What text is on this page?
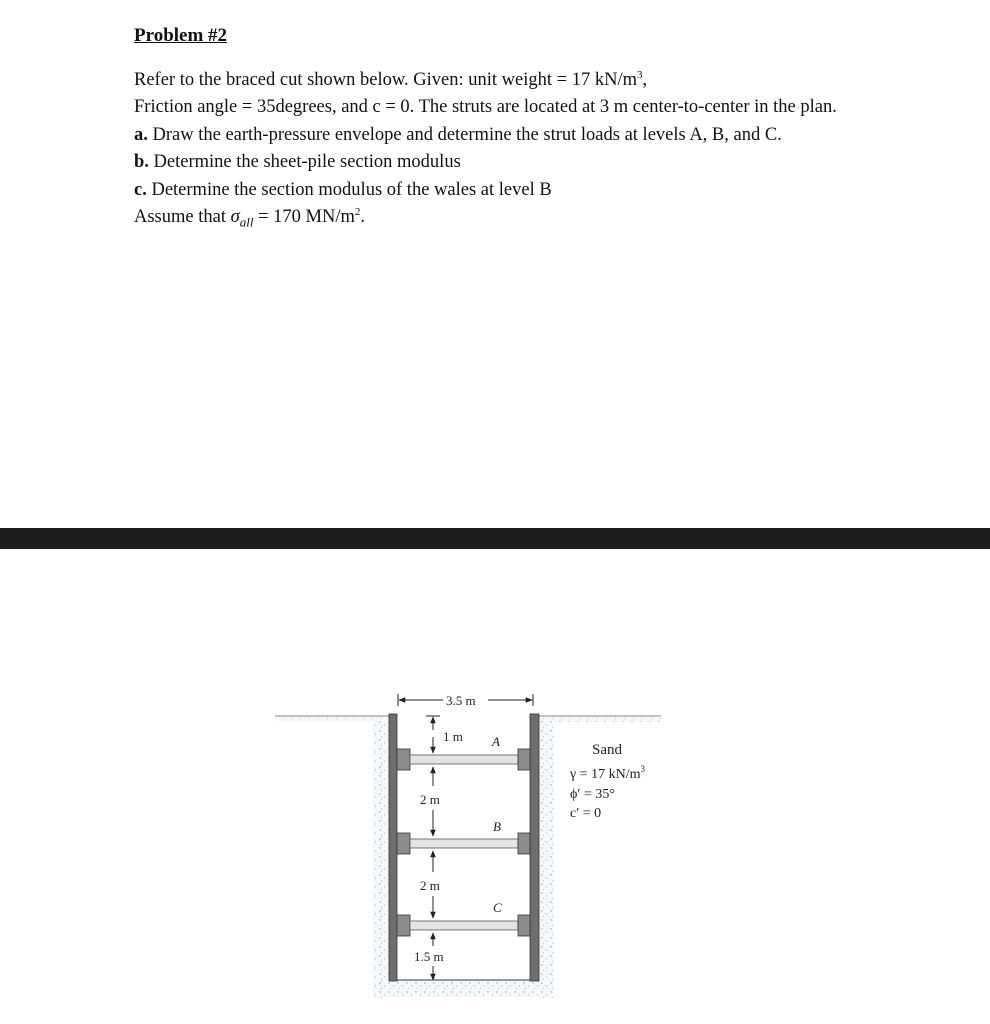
Problem #2

Refer to the braced cut shown below. Given: unit weight = 17 $kN/m^3$,

Friction angle = 35degrees, and c = 0. The struts are located at 3 m center-to-center in the plan.

a. Draw the earth-pressure envelope and determine the strut loads at levels A, B, and C.

b. Determine the sheet-pile section modulus

c. Determine the section modulus of the wales at level B

Assume that $\sigma_{all} = 170$ $MN/m^2$.

3.5 m
1 m
2 m
2 m
1.5 m
A
B
C
Sand
γ = 17 $kN/m^3$
ϕ′ = 35°
c′ = 0
